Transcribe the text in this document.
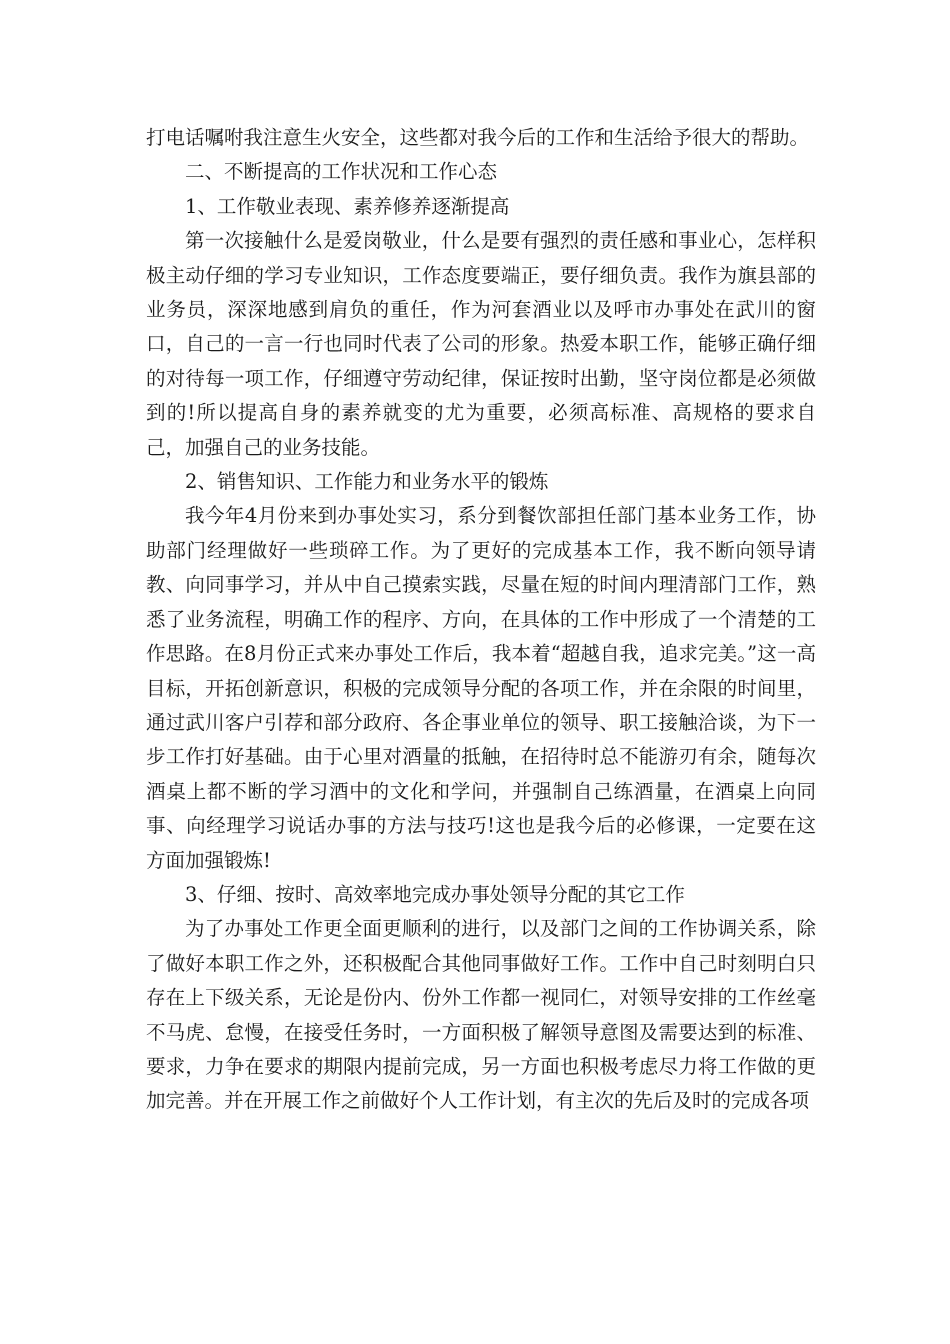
打电话嘱咐我注意生火安全，这些都对我今后的工作和生活给予很大的帮助。

二、不断提高的工作状况和工作心态

1、工作敬业表现、素养修养逐渐提高

第一次接触什么是爱岗敬业，什么是要有强烈的责任感和事业心，怎样积极主动仔细的学习专业知识，工作态度要端正，要仔细负责。我作为旗县部的业务员，深深地感到肩负的重任，作为河套酒业以及呼市办事处在武川的窗口，自己的一言一行也同时代表了公司的形象。热爱本职工作，能够正确仔细的对待每一项工作，仔细遵守劳动纪律，保证按时出勤，坚守岗位都是必须做到的!所以提高自身的素养就变的尤为重要，必须高标准、高规格的要求自己，加强自己的业务技能。

2、销售知识、工作能力和业务水平的锻炼

我今年4月份来到办事处实习，系分到餐饮部担任部门基本业务工作，协助部门经理做好一些琐碎工作。为了更好的完成基本工作，我不断向领导请教、向同事学习，并从中自己摸索实践，尽量在短的时间内理清部门工作，熟悉了业务流程，明确工作的程序、方向，在具体的工作中形成了一个清楚的工作思路。在8月份正式来办事处工作后，我本着“超越自我，追求完美。”这一高目标，开拓创新意识，积极的完成领导分配的各项工作，并在余限的时间里，通过武川客户引荐和部分政府、各企事业单位的领导、职工接触洽谈，为下一步工作打好基础。由于心里对酒量的抵触，在招待时总不能游刃有余，随每次酒桌上都不断的学习酒中的文化和学问，并强制自己练酒量，在酒桌上向同事、向经理学习说话办事的方法与技巧!这也是我今后的必修课，一定要在这方面加强锻炼!

3、仔细、按时、高效率地完成办事处领导分配的其它工作

为了办事处工作更全面更顺利的进行，以及部门之间的工作协调关系，除了做好本职工作之外，还积极配合其他同事做好工作。工作中自己时刻明白只存在上下级关系，无论是份内、份外工作都一视同仁，对领导安排的工作丝毫不马虎、怠慢，在接受任务时，一方面积极了解领导意图及需要达到的标准、要求，力争在要求的期限内提前完成，另一方面也积极考虑尽力将工作做的更加完善。并在开展工作之前做好个人工作计划，有主次的先后及时的完成各项
